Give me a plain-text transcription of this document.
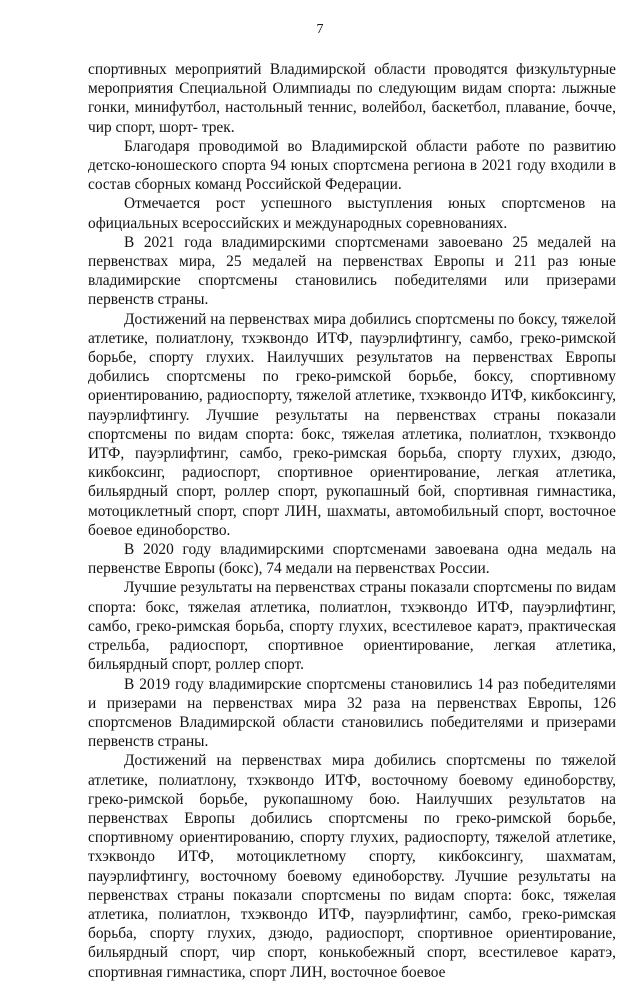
7

спортивных мероприятий Владимирской области проводятся физкультурные мероприятия Специальной Олимпиады по следующим видам спорта: лыжные гонки, минифутбол, настольный теннис, волейбол, баскетбол, плавание, бочче, чир спорт, шорт- трек.

Благодаря проводимой во Владимирской области работе по развитию детско-юношеского спорта 94 юных спортсмена региона в 2021 году входили в состав сборных команд Российской Федерации.

Отмечается рост успешного выступления юных спортсменов на официальных всероссийских и международных соревнованиях.

В 2021 года владимирскими спортсменами завоевано 25 медалей на первенствах мира, 25 медалей на первенствах Европы и 211 раз юные владимирские спортсмены становились победителями или призерами первенств страны.

Достижений на первенствах мира добились спортсмены по боксу, тяжелой атлетике, полиатлону, тхэквондо ИТФ, пауэрлифтингу, самбо, греко-римской борьбе, спорту глухих. Наилучших результатов на первенствах Европы добились спортсмены по греко-римской борьбе, боксу, спортивному ориентированию, радиоспорту, тяжелой атлетике, тхэквондо ИТФ, кикбоксингу, пауэрлифтингу. Лучшие результаты на первенствах страны показали спортсмены по видам спорта: бокс, тяжелая атлетика, полиатлон, тхэквондо ИТФ, пауэрлифтинг, самбо, греко-римская борьба, спорту глухих, дзюдо, кикбоксинг, радиоспорт, спортивное ориентирование, легкая атлетика, бильярдный спорт, роллер спорт, рукопашный бой, спортивная гимнастика, мотоциклетный спорт, спорт ЛИН, шахматы, автомобильный спорт, восточное боевое единоборство.

В 2020 году владимирскими спортсменами завоевана одна медаль на первенстве Европы (бокс), 74 медали на первенствах России.

Лучшие результаты на первенствах страны показали спортсмены по видам спорта: бокс, тяжелая атлетика, полиатлон, тхэквондо ИТФ, пауэрлифтинг, самбо, греко-римская борьба, спорту глухих, всестилевое каратэ, практическая стрельба, радиоспорт, спортивное ориентирование, легкая атлетика, бильярдный спорт, роллер спорт.

В 2019 году владимирские спортсмены становились 14 раз победителями и призерами на первенствах мира 32 раза на первенствах Европы, 126 спортсменов Владимирской области становились победителями и призерами первенств страны.

Достижений на первенствах мира добились спортсмены по тяжелой атлетике, полиатлону, тхэквондо ИТФ, восточному боевому единоборству, греко-римской борьбе, рукопашному бою. Наилучших результатов на первенствах Европы добились спортсмены по греко-римской борьбе, спортивному ориентированию, спорту глухих, радиоспорту, тяжелой атлетике, тхэквондо ИТФ, мотоциклетному спорту, кикбоксингу, шахматам, пауэрлифтингу, восточному боевому единоборству. Лучшие результаты на первенствах страны показали спортсмены по видам спорта: бокс, тяжелая атлетика, полиатлон, тхэквондо ИТФ, пауэрлифтинг, самбо, греко-римская борьба, спорту глухих, дзюдо, радиоспорт, спортивное ориентирование, бильярдный спорт, чир спорт, конькобежный спорт, всестилевое каратэ, спортивная гимнастика, спорт ЛИН, восточное боевое
